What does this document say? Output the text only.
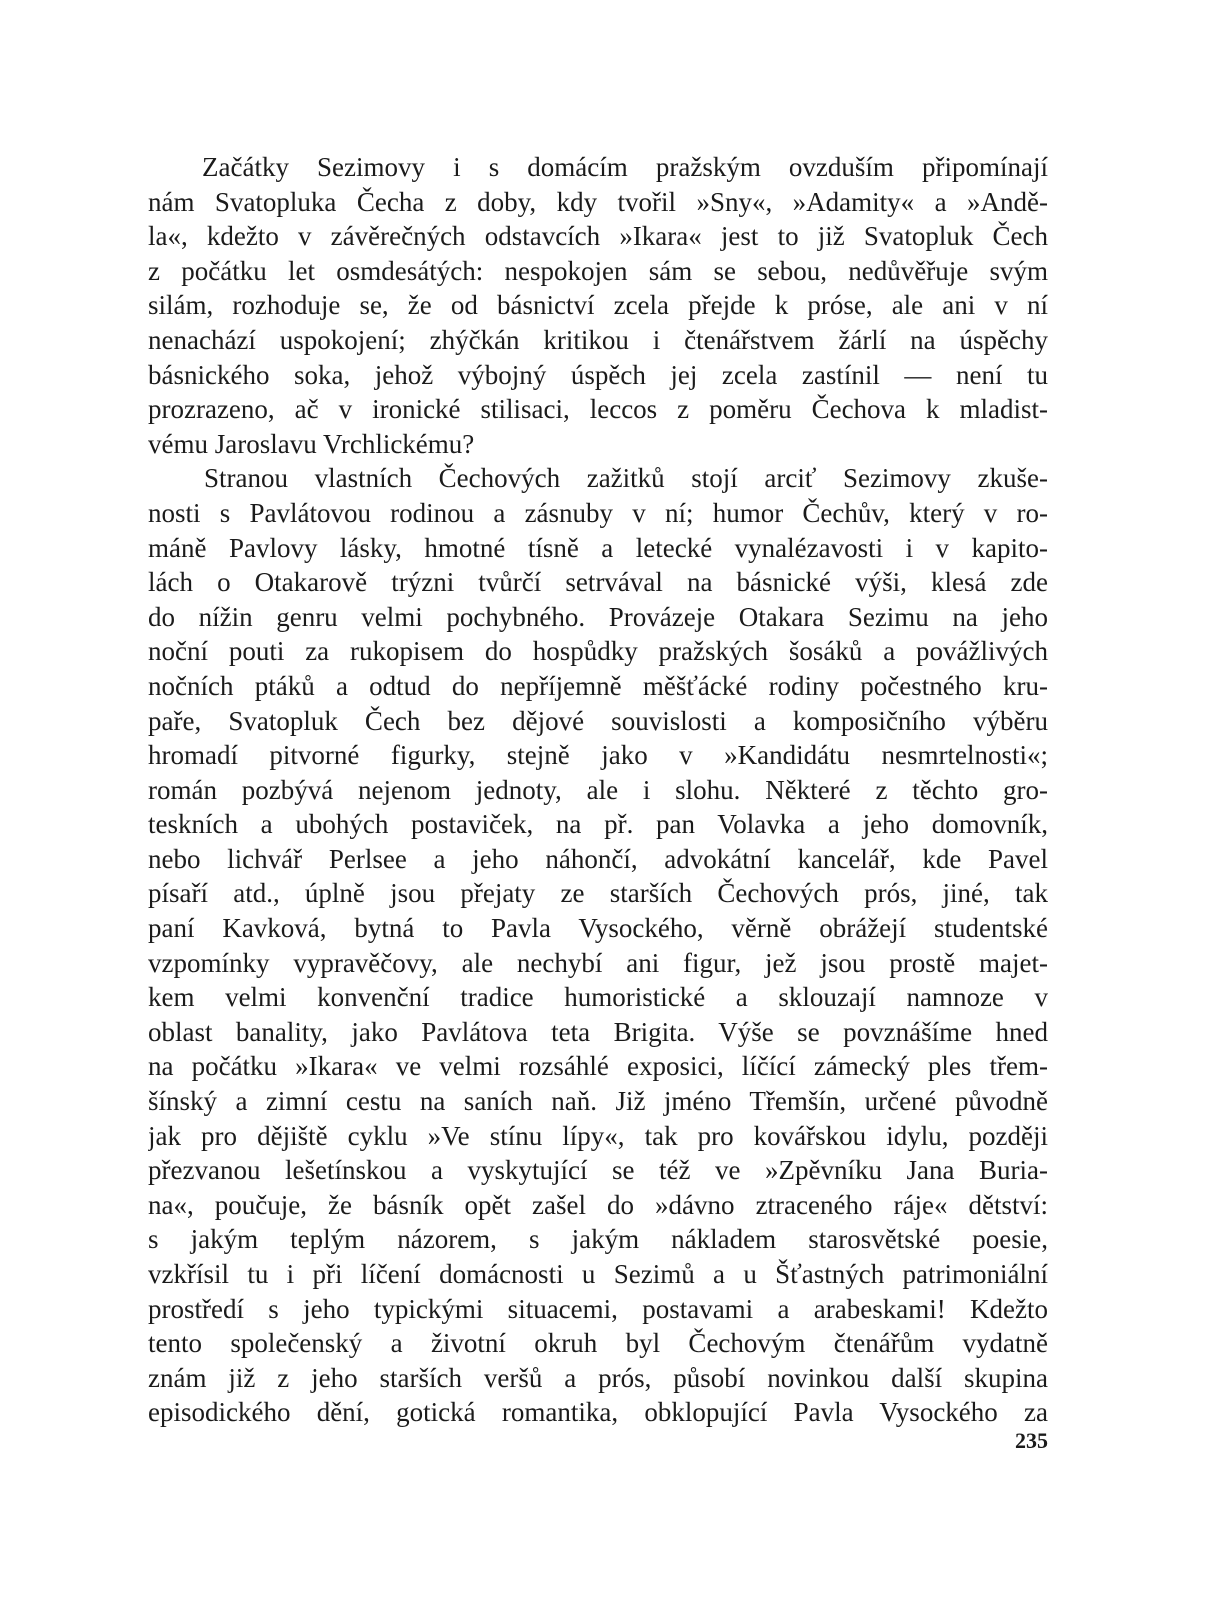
Začátky Sezimovy i s domácím pražským ovzduším připomínají
nám Svatopluka Čecha z doby, kdy tvořil »Sny«, »Adamity« a »Andě-
la«, kdežto v závěrečných odstavcích »Ikara« jest to již Svatopluk Čech
z počátku let osmdesátých: nespokojen sám se sebou, nedůvěřuje svým
silám, rozhoduje se, že od básnictví zcela přejde k próse, ale ani v ní
nenachází uspokojení; zhýčkán kritikou i čtenářstvem žárlí na úspěchy
básnického soka, jehož výbojný úspěch jej zcela zastínil — není tu
prozrazeno, ač v ironické stilisaci, leccos z poměru Čechova k mladist-
vému Jaroslavu Vrchlickému?
Stranou vlastních Čechových zažitků stojí arciť Sezimovy zkuše-
nosti s Pavlátovou rodinou a zásnuby v ní; humor Čechův, který v ro-
máně Pavlovy lásky, hmotné tísně a letecké vynalézavosti i v kapito-
lách o Otakarově trýzni tvůrčí setrvával na básnické výši, klesá zde
do nížin genru velmi pochybného. Provázeje Otakara Sezimu na jeho
noční pouti za rukopisem do hospůdky pražských šosáků a povážlivých
nočních ptáků a odtud do nepříjemně měšťácké rodiny počestného kru-
paře, Svatopluk Čech bez dějové souvislosti a komposičního výběru
hromadí pitvorné figurky, stejně jako v »Kandidátu nesmrtelnosti«;
román pozbývá nejenom jednoty, ale i slohu. Některé z těchto gro-
teskních a ubohých postaviček, na př. pan Volavka a jeho domovník,
nebo lichvář Perlsee a jeho náhončí, advokátní kancelář, kde Pavel
písaří atd., úplně jsou přejaty ze starších Čechových prós, jiné, tak
paní Kavková, bytná to Pavla Vysockého, věrně obrážejí studentské
vzpomínky vypravěčovy, ale nechybí ani figur, jež jsou prostě majet-
kem velmi konvenční tradice humoristické a sklouzají namnoze v
oblast banality, jako Pavlátova teta Brigita. Výše se povznášíme hned
na počátku »Ikara« ve velmi rozsáhlé exposici, líčící zámecký ples třem-
šínský a zimní cestu na saních naň. Již jméno Třemšín, určené původně
jak pro dějiště cyklu »Ve stínu lípy«, tak pro kovářskou idylu, později
přezvanou lešetínskou a vyskytující se též ve »Zpěvníku Jana Buria-
na«, poučuje, že básník opět zašel do »dávno ztraceného ráje« dětství:
s jakým teplým názorem, s jakým nákladem starosvětské poesie,
vzkřísil tu i při líčení domácnosti u Sezimů a u Šťastných patrimoniální
prostředí s jeho typickými situacemi, postavami a arabeskami! Kdežto
tento společenský a životní okruh byl Čechovým čtenářům vydatně
znám již z jeho starších veršů a prós, působí novinkou další skupina
episodického dění, gotická romantika, obklopující Pavla Vysockého za
235
